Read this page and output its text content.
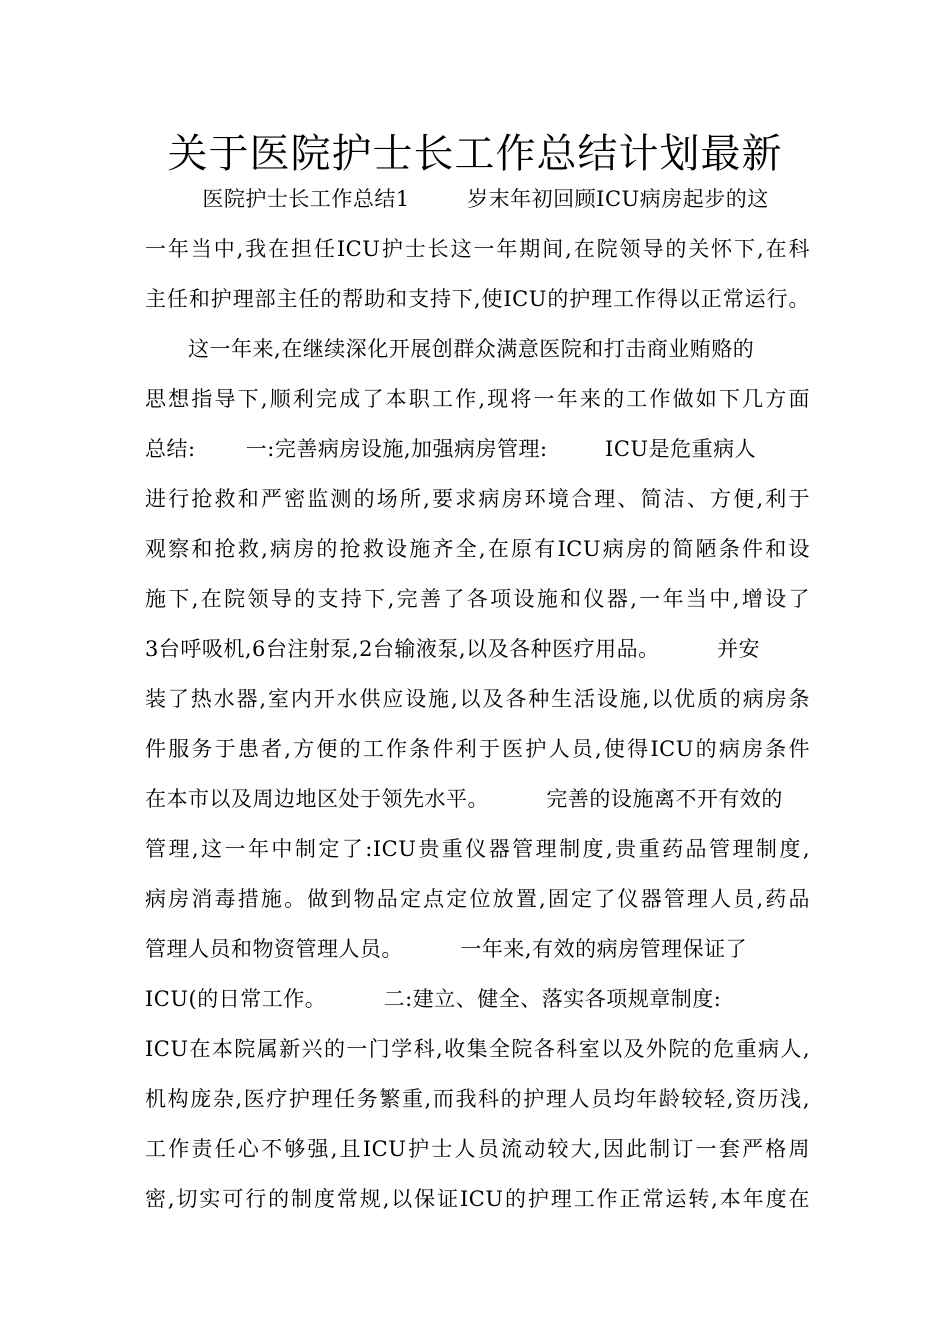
关于医院护士长工作总结计划最新
医院护士长工作总结1        岁末年初回顾ICU病房起步的这
一年当中,我在担任ICU护士长这一年期间,在院领导的关怀下,在科
主任和护理部主任的帮助和支持下,使ICU的护理工作得以正常运行。
这一年来,在继续深化开展创群众满意医院和打击商业贿赂的
思想指导下,顺利完成了本职工作,现将一年来的工作做如下几方面
总结:       一:完善病房设施,加强病房管理:        ICU是危重病人
进行抢救和严密监测的场所,要求病房环境合理、简洁、方便,利于
观察和抢救,病房的抢救设施齐全,在原有ICU病房的简陋条件和设
施下,在院领导的支持下,完善了各项设施和仪器,一年当中,增设了
3台呼吸机,6台注射泵,2台输液泵,以及各种医疗用品。        并安
装了热水器,室内开水供应设施,以及各种生活设施,以优质的病房条
件服务于患者,方便的工作条件利于医护人员,使得ICU的病房条件
在本市以及周边地区处于领先水平。        完善的设施离不开有效的
管理,这一年中制定了:ICU贵重仪器管理制度,贵重药品管理制度,
病房消毒措施。做到物品定点定位放置,固定了仪器管理人员,药品
管理人员和物资管理人员。        一年来,有效的病房管理保证了
ICU(的日常工作。        二:建立、健全、落实各项规章制度:
ICU在本院属新兴的一门学科,收集全院各科室以及外院的危重病人,
机构庞杂,医疗护理任务繁重,而我科的护理人员均年龄较轻,资历浅,
工作责任心不够强,且ICU护士人员流动较大,因此制订一套严格周
密,切实可行的制度常规,以保证ICU的护理工作正常运转,本年度在
